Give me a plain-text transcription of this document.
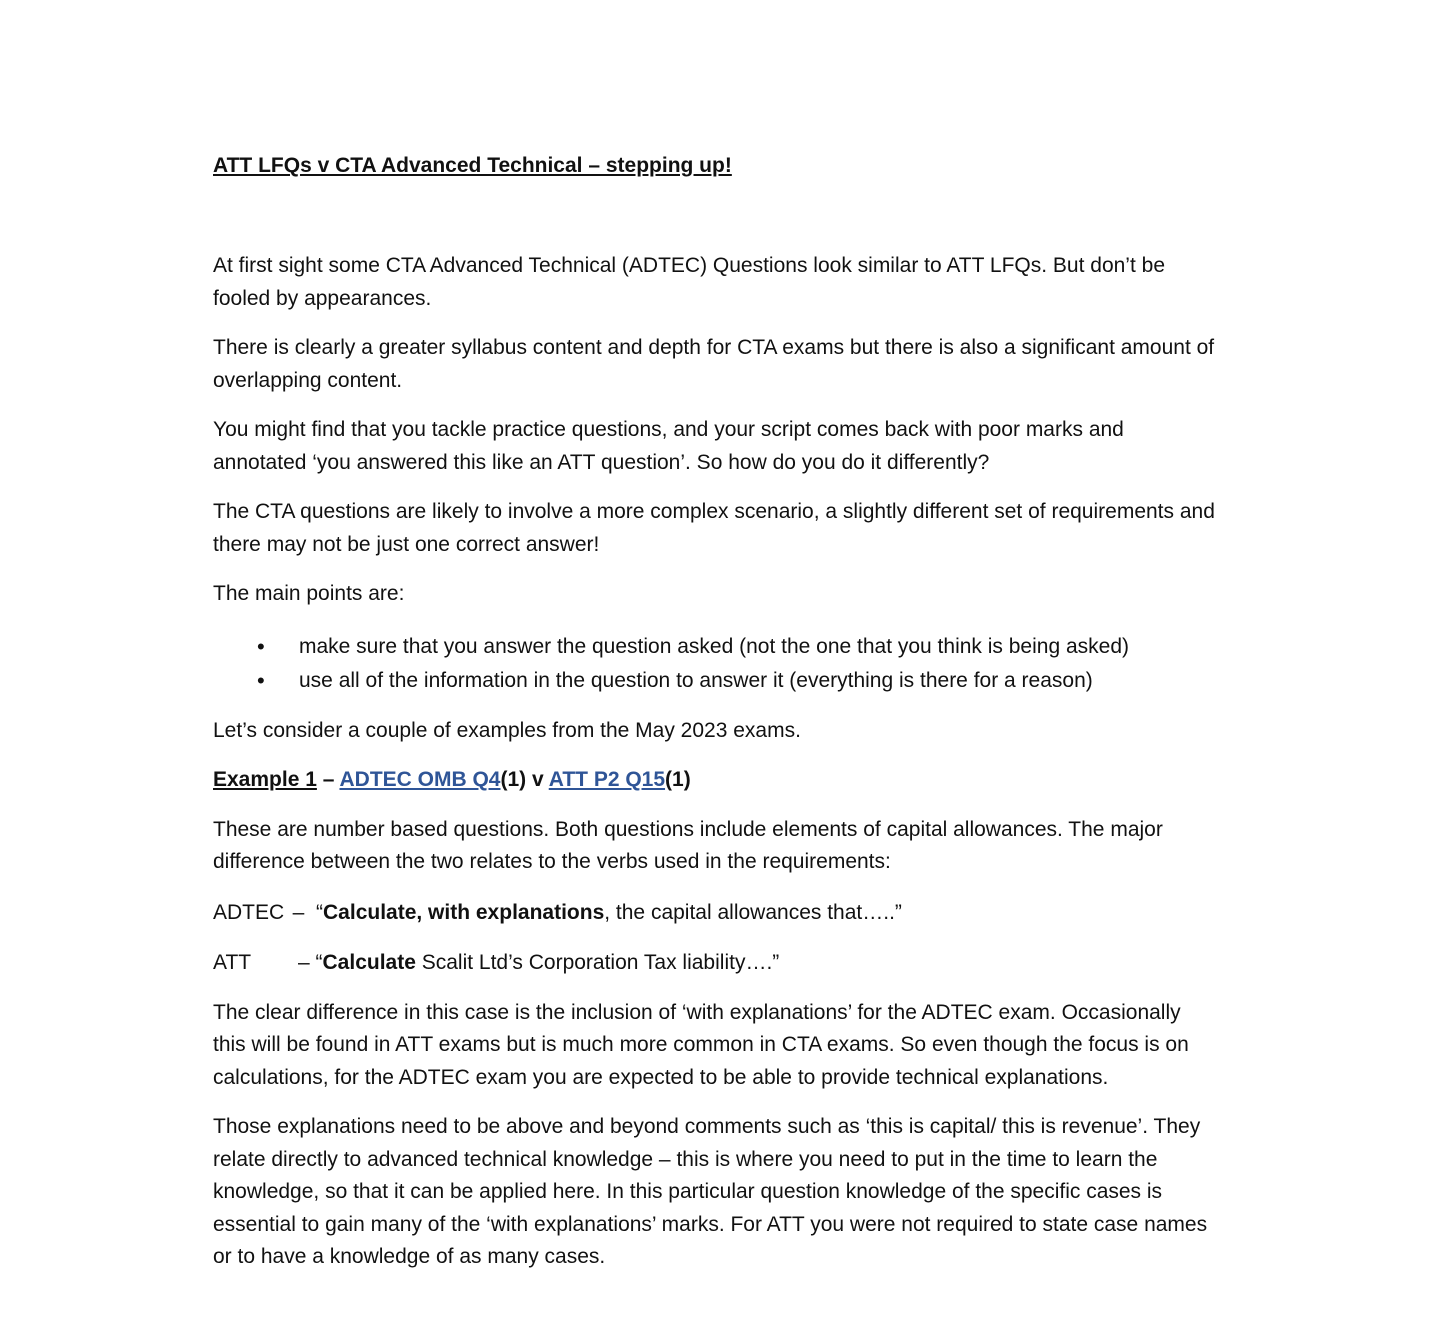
ATT LFQs v CTA Advanced Technical – stepping up!

At first sight some CTA Advanced Technical (ADTEC) Questions look similar to ATT LFQs. But don’t be fooled by appearances.

There is clearly a greater syllabus content and depth for CTA exams but there is also a significant amount of overlapping content.

You might find that you tackle practice questions, and your script comes back with poor marks and annotated ‘you answered this like an ATT question’. So how do you do it differently?

The CTA questions are likely to involve a more complex scenario, a slightly different set of requirements and there may not be just one correct answer!

The main points are:

• make sure that you answer the question asked (not the one that you think is being asked)
• use all of the information in the question to answer it (everything is there for a reason)

Let’s consider a couple of examples from the May 2023 exams.

Example 1 – ADTEC OMB Q4(1) v ATT P2 Q15(1)

These are number based questions. Both questions include elements of capital allowances. The major difference between the two relates to the verbs used in the requirements:

ADTEC  –  “Calculate, with explanations, the capital allowances that…..”

ATT – “Calculate Scalit Ltd’s Corporation Tax liability….”

The clear difference in this case is the inclusion of ‘with explanations’ for the ADTEC exam. Occasionally this will be found in ATT exams but is much more common in CTA exams. So even though the focus is on calculations, for the ADTEC exam you are expected to be able to provide technical explanations.

Those explanations need to be above and beyond comments such as ‘this is capital/ this is revenue’. They relate directly to advanced technical knowledge – this is where you need to put in the time to learn the knowledge, so that it can be applied here. In this particular question knowledge of the specific cases is essential to gain many of the ‘with explanations’ marks. For ATT you were not required to state case names or to have a knowledge of as many cases.
